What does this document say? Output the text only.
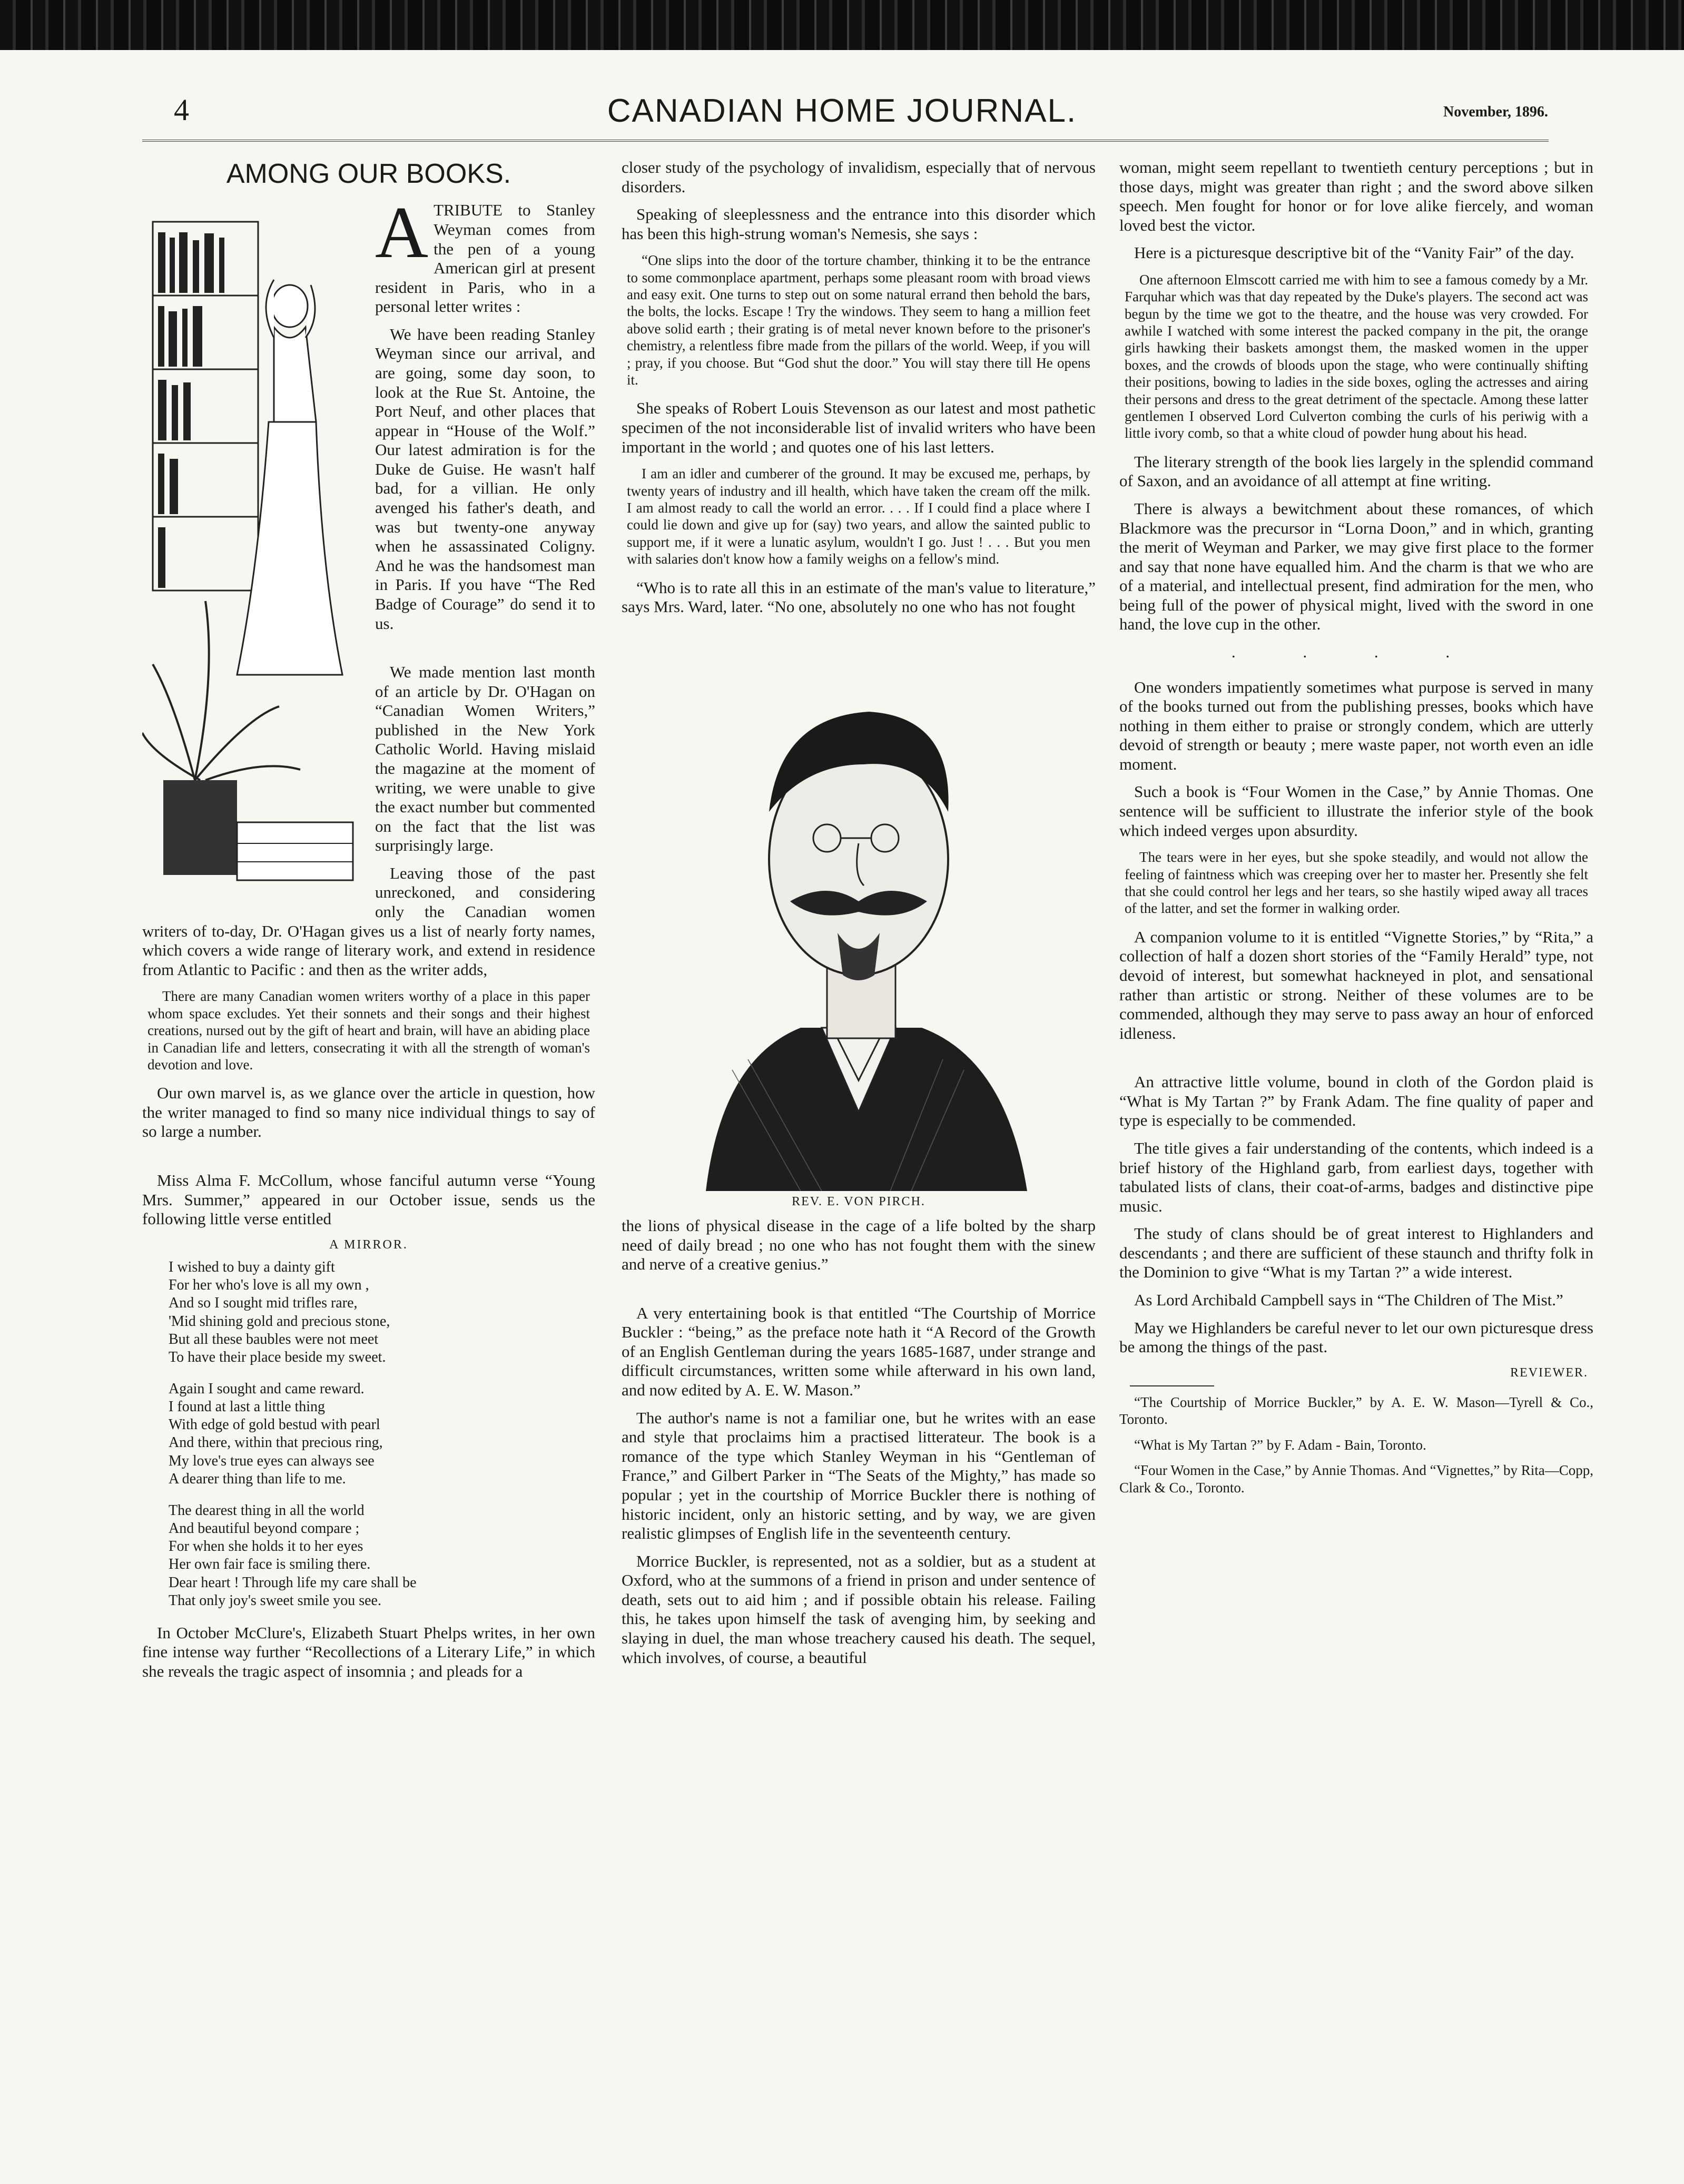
CANADIAN HOME JOURNAL.
4	November, 1896.
AMONG OUR BOOKS.
A TRIBUTE to Stanley Weyman comes from the pen of a young American girl at present resident in Paris, who in a personal letter writes :

We have been reading Stanley Weyman since our arrival, and are going, some day soon, to look at the Rue St. Antoine, the Port Neuf, and other places that appear in “House of the Wolf.” Our latest admiration is for the Duke de Guise. He wasn't half bad, for a villian. He only avenged his father's death, and was but twenty-one anyway when he assassinated Coligny. And he was the handsomest man in Paris. If you have “The Red Badge of Courage” do send it to us.

We made mention last month of an article by Dr. O'Hagan on “Canadian Women Writers,” published in the New York Catholic World. Having mislaid the magazine at the moment of writing, we were unable to give the exact number but commented on the fact that the list was surprisingly large.

Leaving those of the past unreckoned, and considering only the Canadian women writers of to-day, Dr. O'Hagan gives us a list of nearly forty names, which covers a wide range of literary work, and extend in residence from Atlantic to Pacific : and then as the writer adds,

There are many Canadian women writers worthy of a place in this paper whom space excludes. Yet their sonnets and their songs and their highest creations, nursed out by the gift of heart and brain, will have an abiding place in Canadian life and letters, consecrating it with all the strength of woman's devotion and love.

Our own marvel is, as we glance over the article in question, how the writer managed to find so many nice individual things to say of so large a number.

Miss Alma F. McCollum, whose fanciful autumn verse “Young Mrs. Summer,” appeared in our October issue, sends us the following little verse entitled

A MIRROR.
I wished to buy a dainty gift
For her who's love is all my own ,
And so I sought mid trifles rare,
'Mid shining gold and precious stone,
But all these baubles were not meet
To have their place beside my sweet.
Again I sought and came reward.
I found at last a little thing
With edge of gold bestud with pearl
And there, within that precious ring,
My love's true eyes can always see
A dearer thing than life to me.
The dearest thing in all the world
And beautiful beyond compare ;
For when she holds it to her eyes
Her own fair face is smiling there.
Dear heart ! Through life my care shall be
That only joy's sweet smile you see.

In October McClure's, Elizabeth Stuart Phelps writes, in her own fine intense way further “Recollections of a Literary Life,” in which she reveals the tragic aspect of insomnia ; and pleads for a

closer study of the psychology of invalidism, especially that of nervous disorders.

Speaking of sleeplessness and the entrance into this disorder which has been this high-strung woman's Nemesis, she says :

“One slips into the door of the torture chamber, thinking it to be the entrance to some commonplace apartment, perhaps some pleasant room with broad views and easy exit. One turns to step out on some natural errand then behold the bars, the bolts, the locks. Escape ! Try the windows. They seem to hang a million feet above solid earth ; their grating is of metal never known before to the prisoner's chemistry, a relentless fibre made from the pillars of the world. Weep, if you will ; pray, if you choose. But “God shut the door.” You will stay there till He opens it.

She speaks of Robert Louis Stevenson as our latest and most pathetic specimen of the not inconsiderable list of invalid writers who have been important in the world ; and quotes one of his last letters.

I am an idler and cumberer of the ground. It may be excused me, perhaps, by twenty years of industry and ill health, which have taken the cream off the milk. I am almost ready to call the world an error. . . . If I could find a place where I could lie down and give up for (say) two years, and allow the sainted public to support me, if it were a lunatic asylum, wouldn't I go. Just ! . . . But you men with salaries don't know how a family weighs on a fellow's mind.

“Who is to rate all this in an estimate of the man's value to literature,” says Mrs. Ward, later. “No one, absolutely no one who has not fought

REV. E. VON PIRCH.

the lions of physical disease in the cage of a life bolted by the sharp need of daily bread ; no one who has not fought them with the sinew and nerve of a creative genius.”

A very entertaining book is that entitled “The Courtship of Morrice Buckler : “being,” as the preface note hath it “A Record of the Growth of an English Gentleman during the years 1685-1687, under strange and difficult circumstances, written some while afterward in his own land, and now edited by A. E. W. Mason.”

The author's name is not a familiar one, but he writes with an ease and style that proclaims him a practised litterateur. The book is a romance of the type which Stanley Weyman in his “Gentleman of France,” and Gilbert Parker in “The Seats of the Mighty,” has made so popular ; yet in the courtship of Morrice Buckler there is nothing of historic incident, only an historic setting, and by way, we are given realistic glimpses of English life in the seventeenth century.

Morrice Buckler, is represented, not as a soldier, but as a student at Oxford, who at the summons of a friend in prison and under sentence of death, sets out to aid him ; and if possible obtain his release. Failing this, he takes upon himself the task of avenging him, by seeking and slaying in duel, the man whose treachery caused his death. The sequel, which involves, of course, a beautiful

woman, might seem repellant to twentieth century perceptions ; but in those days, might was greater than right ; and the sword above silken speech. Men fought for honor or for love alike fiercely, and woman loved best the victor.

Here is a picturesque descriptive bit of the “Vanity Fair” of the day.

One afternoon Elmscott carried me with him to see a famous comedy by a Mr. Farquhar which was that day repeated by the Duke's players. The second act was begun by the time we got to the theatre, and the house was very crowded. For awhile I watched with some interest the packed company in the pit, the orange girls hawking their baskets amongst them, the masked women in the upper boxes, and the crowds of bloods upon the stage, who were continually shifting their positions, bowing to ladies in the side boxes, ogling the actresses and airing their persons and dress to the great detriment of the spectacle. Among these latter gentlemen I observed Lord Culverton combing the curls of his periwig with a little ivory comb, so that a white cloud of powder hung about his head.

The literary strength of the book lies largely in the splendid command of Saxon, and an avoidance of all attempt at fine writing.

There is always a bewitchment about these romances, of which Blackmore was the precursor in “Lorna Doon,” and in which, granting the merit of Weyman and Parker, we may give first place to the former and say that none have equalled him. And the charm is that we who are of a material, and intellectual present, find admiration for the men, who being full of the power of physical might, lived with the sword in one hand, the love cup in the other.

. . . .

One wonders impatiently sometimes what purpose is served in many of the books turned out from the publishing presses, books which have nothing in them either to praise or strongly condem, which are utterly devoid of strength or beauty ; mere waste paper, not worth even an idle moment.

Such a book is “Four Women in the Case,” by Annie Thomas. One sentence will be sufficient to illustrate the inferior style of the book which indeed verges upon absurdity.

The tears were in her eyes, but she spoke steadily, and would not allow the feeling of faintness which was creeping over her to master her. Presently she felt that she could control her legs and her tears, so she hastily wiped away all traces of the latter, and set the former in walking order.

A companion volume to it is entitled “Vignette Stories,” by “Rita,” a collection of half a dozen short stories of the “Family Herald” type, not devoid of interest, but somewhat hackneyed in plot, and sensational rather than artistic or strong. Neither of these volumes are to be commended, although they may serve to pass away an hour of enforced idleness.

An attractive little volume, bound in cloth of the Gordon plaid is “What is My Tartan ?” by Frank Adam. The fine quality of paper and type is especially to be commended.

The title gives a fair understanding of the contents, which indeed is a brief history of the Highland garb, from earliest days, together with tabulated lists of clans, their coat-of-arms, badges and distinctive pipe music.

The study of clans should be of great interest to Highlanders and descendants ; and there are sufficient of these staunch and thrifty folk in the Dominion to give “What is my Tartan ?” a wide interest.

As Lord Archibald Campbell says in “The Children of The Mist.”

May we Highlanders be careful never to let our own picturesque dress be among the things of the past.

REVIEWER.

“The Courtship of Morrice Buckler,” by A. E. W. Mason—Tyrell & Co., Toronto.

“What is My Tartan ?” by F. Adam - Bain, Toronto.

“Four Women in the Case,” by Annie Thomas. And “Vignettes,” by Rita—Copp, Clark & Co., Toronto.
